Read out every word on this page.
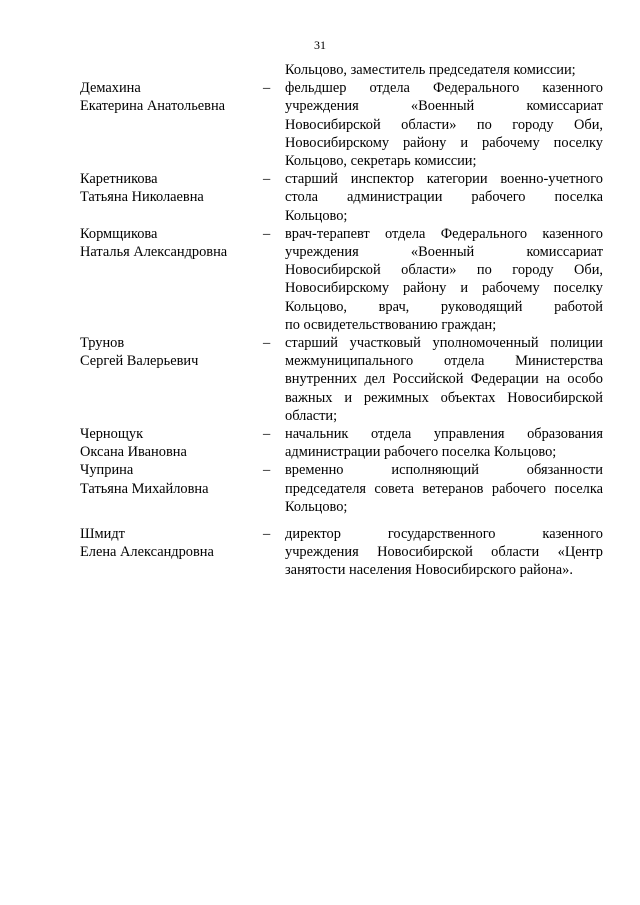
31
Кольцово, заместитель председателя комиссии;
Демахина
Екатерина Анатольевна
– фельдшер отдела Федерального казенного
учреждения «Военный комиссариат
Новосибирской области» по городу Оби,
Новосибирскому району и рабочему поселку
Кольцово, секретарь комиссии;
Каретникова
Татьяна Николаевна
– старший инспектор категории военно-учетного
стола администрации рабочего поселка
Кольцово;
Кормщикова
Наталья Александровна
– врач-терапевт отдела Федерального казенного
учреждения «Военный комиссариат
Новосибирской области» по городу Оби,
Новосибирскому району и рабочему поселку
Кольцово, врач, руководящий работой
по освидетельствованию граждан;
Трунов
Сергей Валерьевич
– старший участковый уполномоченный полиции
межмуниципального отдела Министерства
внутренних дел Российской Федерации на особо
важных и режимных объектах Новосибирской
области;
Чернощук
Оксана Ивановна
– начальник отдела управления образования
администрации рабочего поселка Кольцово;
Чуприна
Татьяна Михайловна
– временно исполняющий обязанности
председателя совета ветеранов рабочего поселка
Кольцово;
Шмидт
Елена Александровна
– директор государственного казенного
учреждения Новосибирской области «Центр
занятости населения Новосибирского района».
